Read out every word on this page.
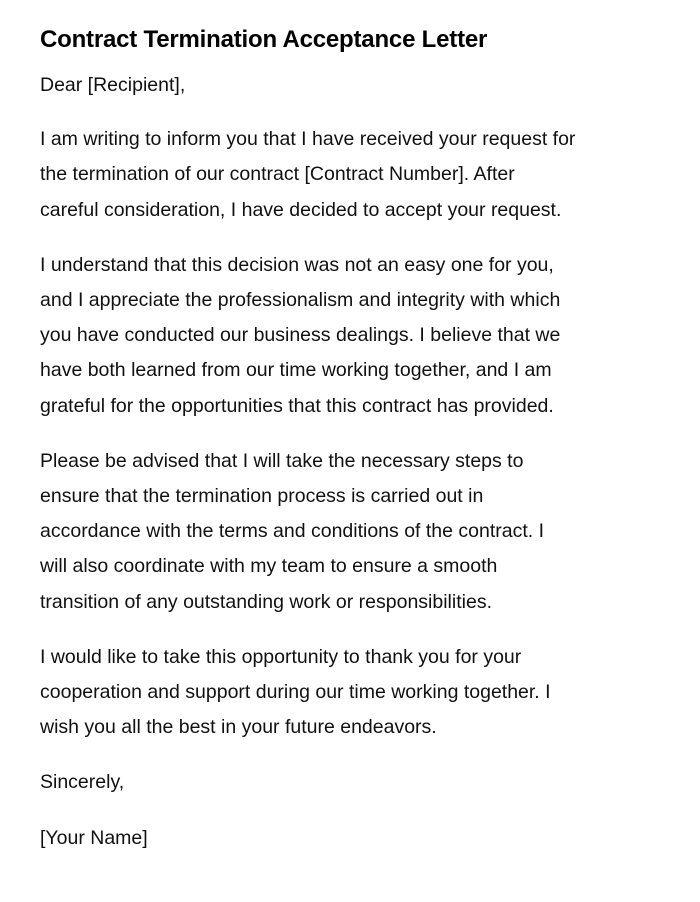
Contract Termination Acceptance Letter

Dear [Recipient],

I am writing to inform you that I have received your request for
the termination of our contract [Contract Number]. After
careful consideration, I have decided to accept your request.

I understand that this decision was not an easy one for you,
and I appreciate the professionalism and integrity with which
you have conducted our business dealings. I believe that we
have both learned from our time working together, and I am
grateful for the opportunities that this contract has provided.

Please be advised that I will take the necessary steps to
ensure that the termination process is carried out in
accordance with the terms and conditions of the contract. I
will also coordinate with my team to ensure a smooth
transition of any outstanding work or responsibilities.

I would like to take this opportunity to thank you for your
cooperation and support during our time working together. I
wish you all the best in your future endeavors.

Sincerely,

[Your Name]
